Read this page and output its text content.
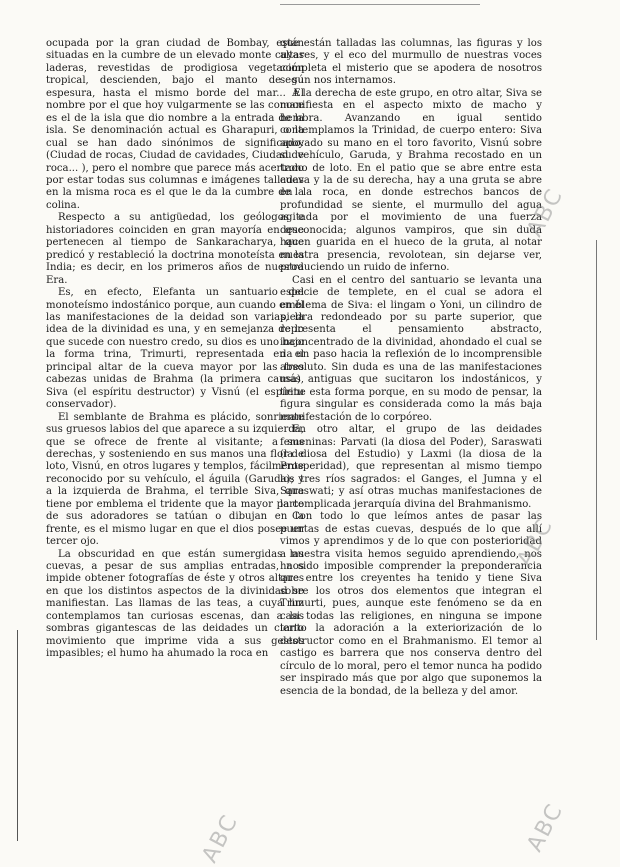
ocupada por la gran ciudad de Bombay, están situadas en la cumbre de un elevado monte cuyas laderas, revestidas de prodigiosa vegetación tropical, descienden, bajo el manto de su espesura, hasta el mismo borde del mar... El nombre por el que hoy vulgarmente se las conoce es el de la isla que dio nombre a la entrada de la isla. Se denominación actual es Gharapuri, o la cual se han dado sinónimos de significado: (Ciudad de rocas, Ciudad de cavidades, Ciudad de roca... ), pero el nombre que parece más acertado por estar todas sus columnas e imágenes talladas en la misma roca es el que le da la cumbre de la colina.

Respecto a su antigüedad, los geólogos e historiadores coinciden en gran mayoría en que pertenecen al tiempo de Sankaracharya, que predicó y restableció la doctrina monoteísta en la India; es decir, en los primeros años de nuestra Era.

Es, en efecto, Elefanta un santuario del monoteísmo indostánico porque, aun cuando en él las manifestaciones de la deidad son varias, la idea de la divinidad es una, y en semejanza de lo que sucede con nuestro credo, su dios es uno bajo la forma trina, Trimurti, representada en el principal altar de la cueva mayor por las tres cabezas unidas de Brahma (la primera causa), Siva (el espíritu destructor) y Visnú (el espíritu conservador).

El semblante de Brahma es plácido, sonriente sus gruesos labios del que aparece a su izquierda, que se ofrece de frente al visitante; a sus derechas, y sosteniendo en sus manos una flor de loto, Visnú, en otros lugares y templos, fácilmente reconocido por su vehículo, el águila (Garuda); y a la izquierda de Brahma, el terrible Siva, que tiene por emblema el tridente que la mayor parte de sus adoradores se tatúan o dibujan en la frente, es el mismo lugar en que el dios posee un tercer ojo.

La obscuridad en que están sumergidas las cuevas, a pesar de sus amplias entradas, nos impide obtener fotografías de éste y otros altares en que los distintos aspectos de la divinidad se manifiestan. Las llamas de las teas, a cuya luz contemplamos tan curiosas escenas, dan a las sombras gigantescas de las deidades un cierto movimiento que imprime vida a sus gestos impasibles; el humo ha ahumado la roca en

que están talladas las columnas, las figuras y los altares, y el eco del murmullo de nuestras voces completa el misterio que se apodera de nosotros según nos internamos.

A la derecha de este grupo, en otro altar, Siva se manifiesta en el aspecto mixto de macho y hembra. Avanzando en igual sentido contemplamos la Trinidad, de cuerpo entero: Siva apoyado su mano en el toro favorito, Visnú sobre su vehículo, Garuda, y Brahma recostado en un trono de loto. En el patio que se abre entre esta cueva y la de su derecha, hay a una gruta se abre en la roca, en donde estrechos bancos de profundidad se siente, el murmullo del agua agitada por el movimiento de una fuerza desconocida; algunos vampiros, que sin duda hacen guarida en el hueco de la gruta, al notar nuestra presencia, revolotean, sin dejarse ver, produciendo un ruido de inferno.

Casi en el centro del santuario se levanta una especie de templete, en el cual se adora el emblema de Siva: el lingam o Yoni, un cilindro de piedra redondeado por su parte superior, que representa el pensamiento abstracto, inconcentrado de la divinidad, ahondado el cual se da un paso hacia la reflexión de lo incomprensible absoluto. Sin duda es una de las manifestaciones más antiguas que sucitaron los indostánicos, y tiene esta forma porque, en su modo de pensar, la figura singular es considerada como la más baja manifestación de lo corpóreo.

En otro altar, el grupo de las deidades femeninas: Parvati (la diosa del Poder), Saraswati (la diosa del Estudio) y Laxmi (la diosa de la Prosperidad), que representan al mismo tiempo los tres ríos sagrados: el Ganges, el Jumna y el Saraswati; y así otras muchas manifestaciones de la complicada jerarquía divina del Brahmanismo.

Con todo lo que leímos antes de pasar las puertas de estas cuevas, después de lo que allí vimos y aprendimos y de lo que con posterioridad a nuestra visita hemos seguido aprendiendo, nos ha sido imposible comprender la preponderancia que entre los creyentes ha tenido y tiene Siva sobre los otros dos elementos que integran el Trimurti, pues, aunque este fenómeno se da en casi todas las religiones, en ninguna se impone tanto la adoración a la exteriorización de lo destructor como en el Brahmanismo. El temor al castigo es barrera que nos conserva dentro del círculo de lo moral, pero el temor nunca ha podido ser inspirado más que por algo que suponemos la esencia de la bondad, de la belleza y del amor.

ABC
ABC
ABC
ABC
